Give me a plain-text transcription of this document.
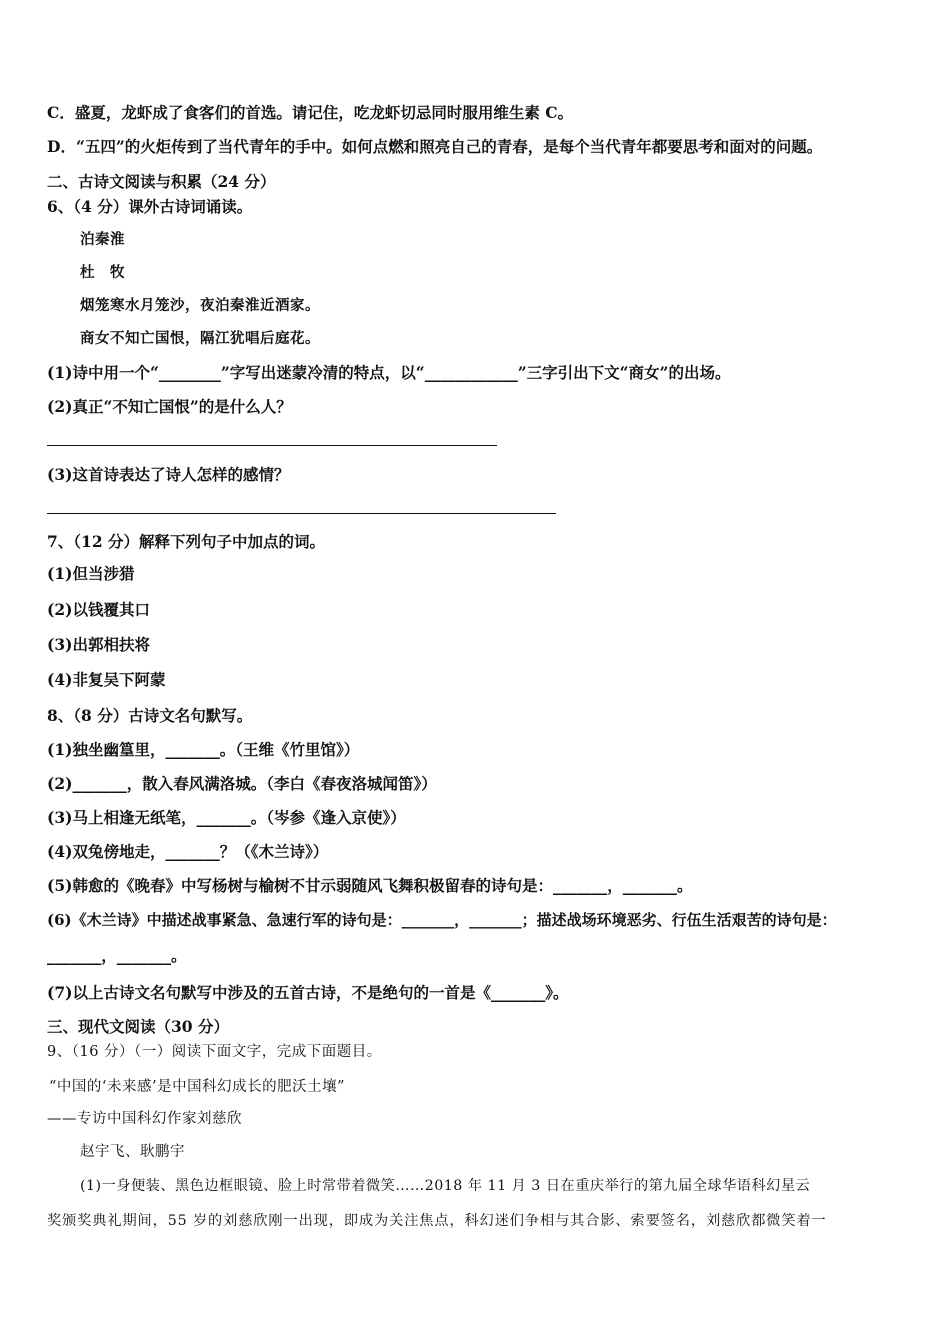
C．盛夏，龙虾成了食客们的首选。请记住，吃龙虾切忌同时服用维生素 C。
D．“五四”的火炬传到了当代青年的手中。如何点燃和照亮自己的青春，是每个当代青年都要思考和面对的问题。
二、古诗文阅读与积累（24 分）
6、（4 分）课外古诗词诵读。
泊秦淮
杜　牧
烟笼寒水月笼沙，夜泊秦淮近酒家。
商女不知亡国恨，隔江犹唱后庭花。
(1)诗中用一个“________”字写出迷蒙冷清的特点，以“____________”三字引出下文“商女”的出场。
(2)真正“不知亡国恨”的是什么人？
(3)这首诗表达了诗人怎样的感情？
7、（12 分）解释下列句子中加点的词。
(1)但当涉猎
(2)以钱覆其口
(3)出郭相扶将
(4)非复吴下阿蒙
8、（8 分）古诗文名句默写。
(1)独坐幽篁里，_______。（王维《竹里馆》）
(2)_______，散入春风满洛城。（李白《春夜洛城闻笛》）
(3)马上相逢无纸笔，_______。（岑参《逢入京使》）
(4)双兔傍地走，_______？（《木兰诗》）
(5)韩愈的《晚春》中写杨树与榆树不甘示弱随风飞舞积极留春的诗句是：_______，_______。
(6)《木兰诗》中描述战事紧急、急速行军的诗句是：_______，_______；描述战场环境恶劣、行伍生活艰苦的诗句是：
_______，_______。
(7)以上古诗文名句默写中涉及的五首古诗，不是绝句的一首是《_______》。
三、现代文阅读（30 分）
9、（16 分）（一）阅读下面文字，完成下面题目。
“中国的‘未来感’是中国科幻成长的肥沃土壤”
——专访中国科幻作家刘慈欣
赵宇飞、耿鹏宇
(1)一身便装、黑色边框眼镜、脸上时常带着微笑……2018 年 11 月 3 日在重庆举行的第九届全球华语科幻星云
奖颁奖典礼期间，55 岁的刘慈欣刚一出现，即成为关注焦点，科幻迷们争相与其合影、索要签名，刘慈欣都微笑着一
